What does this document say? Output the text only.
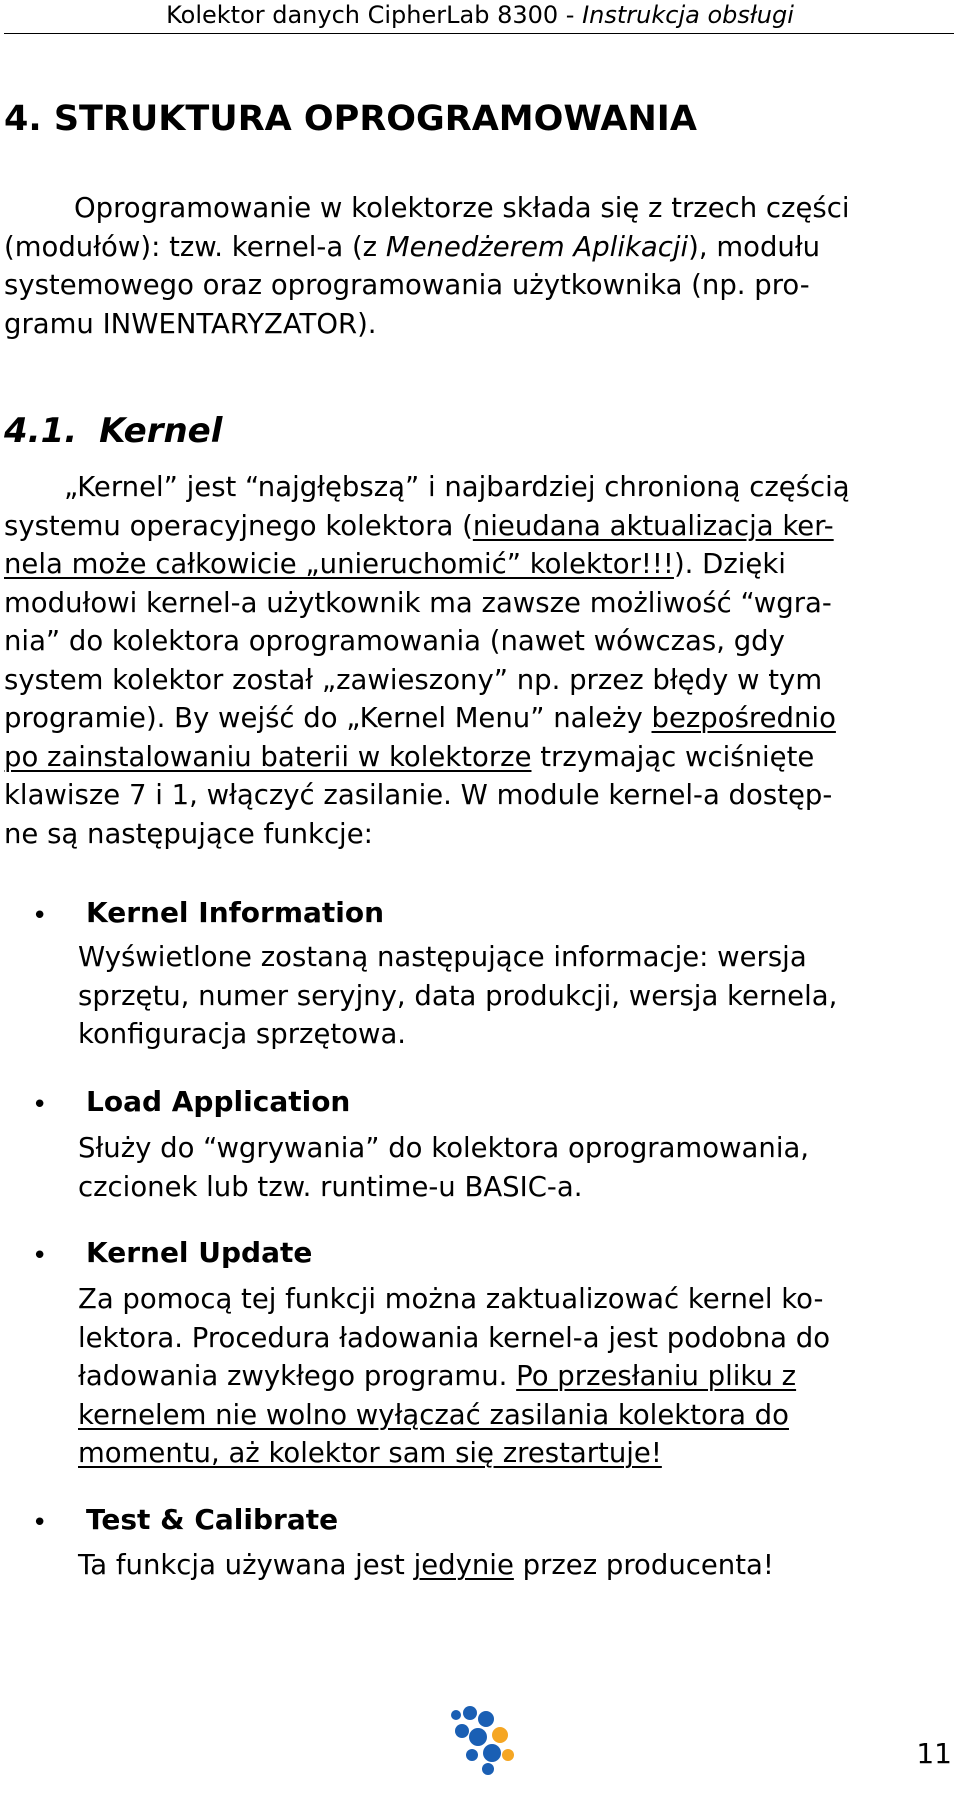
Kolektor danych CipherLab 8300 - Instrukcja obsługi
4. STRUKTURA OPROGRAMOWANIA
Oprogramowanie w kolektorze składa się z trzech części
(modułów): tzw. kernel-a (z Menedżerem Aplikacji), modułu
systemowego oraz oprogramowania użytkownika (np. pro-
gramu INWENTARYZATOR).
4.1. Kernel
„Kernel” jest “najgłębszą” i najbardziej chronioną częścią
systemu operacyjnego kolektora (nieudana aktualizacja ker-
nela może całkowicie „unieruchomić” kolektor!!!). Dzięki
modułowi kernel-a użytkownik ma zawsze możliwość “wgra-
nia” do kolektora oprogramowania (nawet wówczas, gdy
system kolektor został „zawieszony” np. przez błędy w tym
programie). By wejść do „Kernel Menu” należy bezpośrednio
po zainstalowaniu baterii w kolektorze trzymając wciśnięte
klawisze 7 i 1, włączyć zasilanie. W module kernel-a dostęp-
ne są następujące funkcje:
• Kernel Information
Wyświetlone zostaną następujące informacje: wersja
sprzętu, numer seryjny, data produkcji, wersja kernela,
konfiguracja sprzętowa.
• Load Application
Służy do “wgrywania” do kolektora oprogramowania,
czcionek lub tzw. runtime-u BASIC-a.
• Kernel Update
Za pomocą tej funkcji można zaktualizować kernel ko-
lektora. Procedura ładowania kernel-a jest podobna do
ładowania zwykłego programu. Po przesłaniu pliku z
kernelem nie wolno wyłączać zasilania kolektora do
momentu, aż kolektor sam się zrestartuje!
• Test & Calibrate
Ta funkcja używana jest jedynie przez producenta!
11
